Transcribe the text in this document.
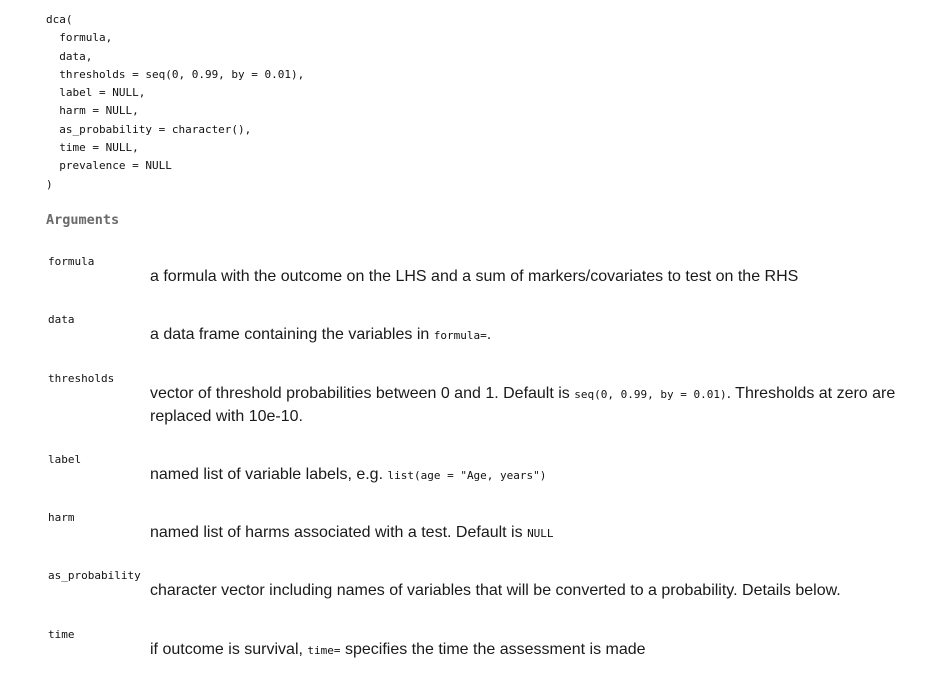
dca(
formula,
data,
thresholds = seq(0, 0.99, by = 0.01),
label = NULL,
harm = NULL,
as_probability = character(),
time = NULL,
prevalence = NULL
)
Arguments
formula
a formula with the outcome on the LHS and a sum of markers/covariates to test on the RHS
data
a data frame containing the variables in formula=.
thresholds
vector of threshold probabilities between 0 and 1. Default is seq(0, 0.99, by = 0.01). Thresholds at zero are replaced with 10e-10.
label
named list of variable labels, e.g. list(age = "Age, years")
harm
named list of harms associated with a test. Default is NULL
as_probability
character vector including names of variables that will be converted to a probability. Details below.
time
if outcome is survival, time= specifies the time the assessment is made
